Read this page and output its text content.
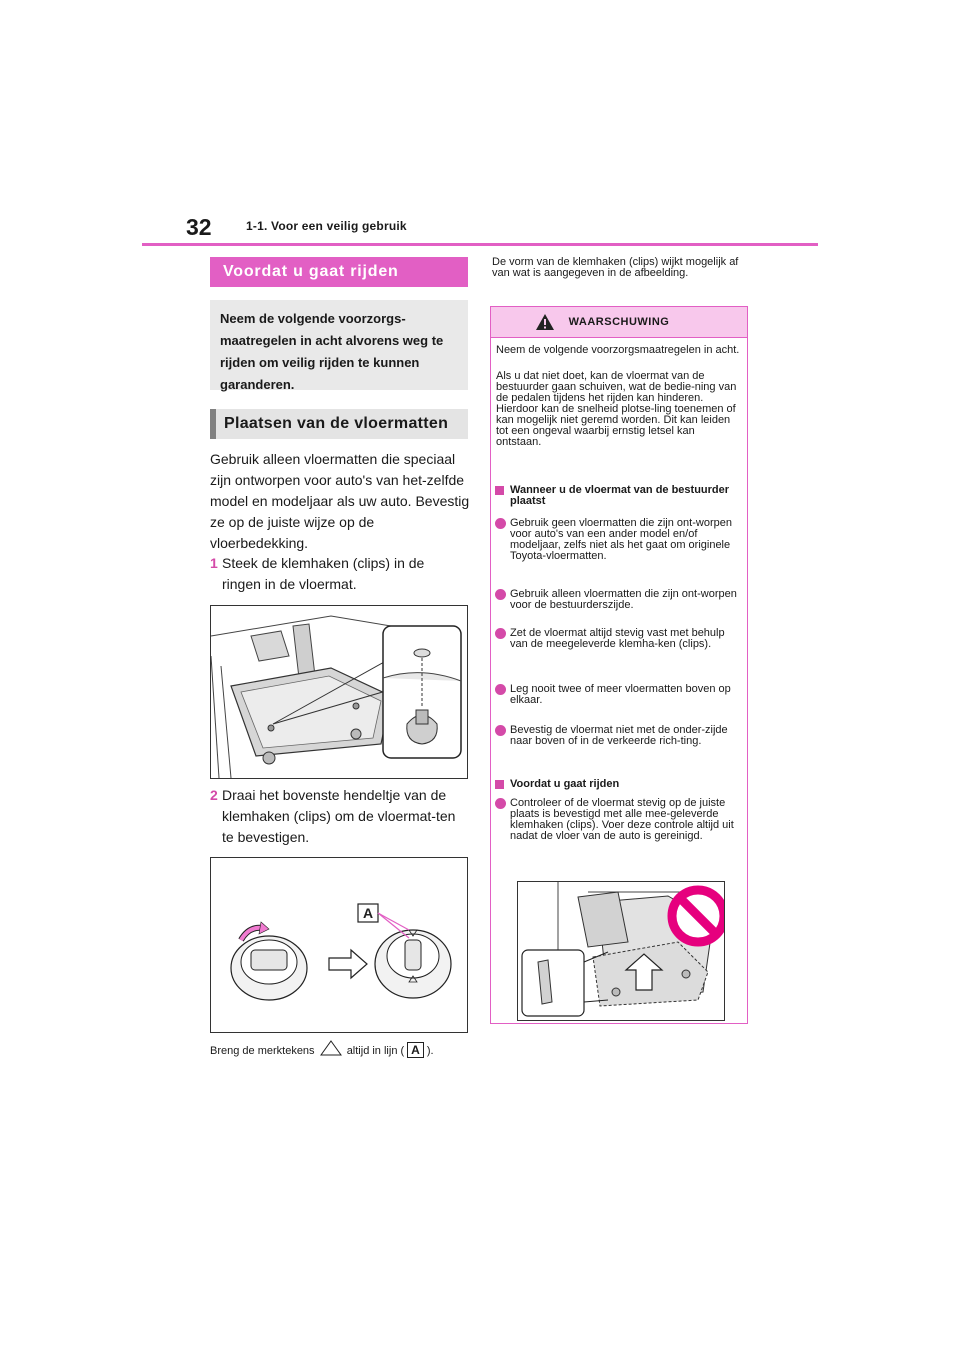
32	1-1. Voor een veilig gebruik
Voordat u gaat rijden
Neem de volgende voorzorgs-maatregelen in acht alvorens weg te rijden om veilig rijden te kunnen garanderen.
Plaatsen van de vloermatten
Gebruik alleen vloermatten die speciaal zijn ontworpen voor auto's van het-zelfde model en modeljaar als uw auto. Bevestig ze op de juiste wijze op de vloerbedekking.
1 Steek de klemhaken (clips) in de ringen in de vloermat.
2 Draai het bovenste hendeltje van de klemhaken (clips) om de vloermat-ten te bevestigen.
A
Breng de merktekens	altijd in lijn ( A ).
De vorm van de klemhaken (clips) wijkt mogelijk af van wat is aangegeven in de afbeelding.
WAARSCHUWING
Neem de volgende voorzorgsmaatregelen in acht.
Als u dat niet doet, kan de vloermat van de bestuurder gaan schuiven, wat de bedie-ning van de pedalen tijdens het rijden kan hinderen. Hierdoor kan de snelheid plotse-ling toenemen of kan mogelijk niet geremd worden. Dit kan leiden tot een ongeval waarbij ernstig letsel kan ontstaan.
Wanneer u de vloermat van de bestuurder plaatst
Gebruik geen vloermatten die zijn ont-worpen voor auto's van een ander model en/of modeljaar, zelfs niet als het gaat om originele Toyota-vloermatten.
Gebruik alleen vloermatten die zijn ont-worpen voor de bestuurderszijde.
Zet de vloermat altijd stevig vast met behulp van de meegeleverde klemha-ken (clips).
Leg nooit twee of meer vloermatten boven op elkaar.
Bevestig de vloermat niet met de onder-zijde naar boven of in de verkeerde rich-ting.
Voordat u gaat rijden
Controleer of de vloermat stevig op de juiste plaats is bevestigd met alle mee-geleverde klemhaken (clips). Voer deze controle altijd uit nadat de vloer van de auto is gereinigd.
